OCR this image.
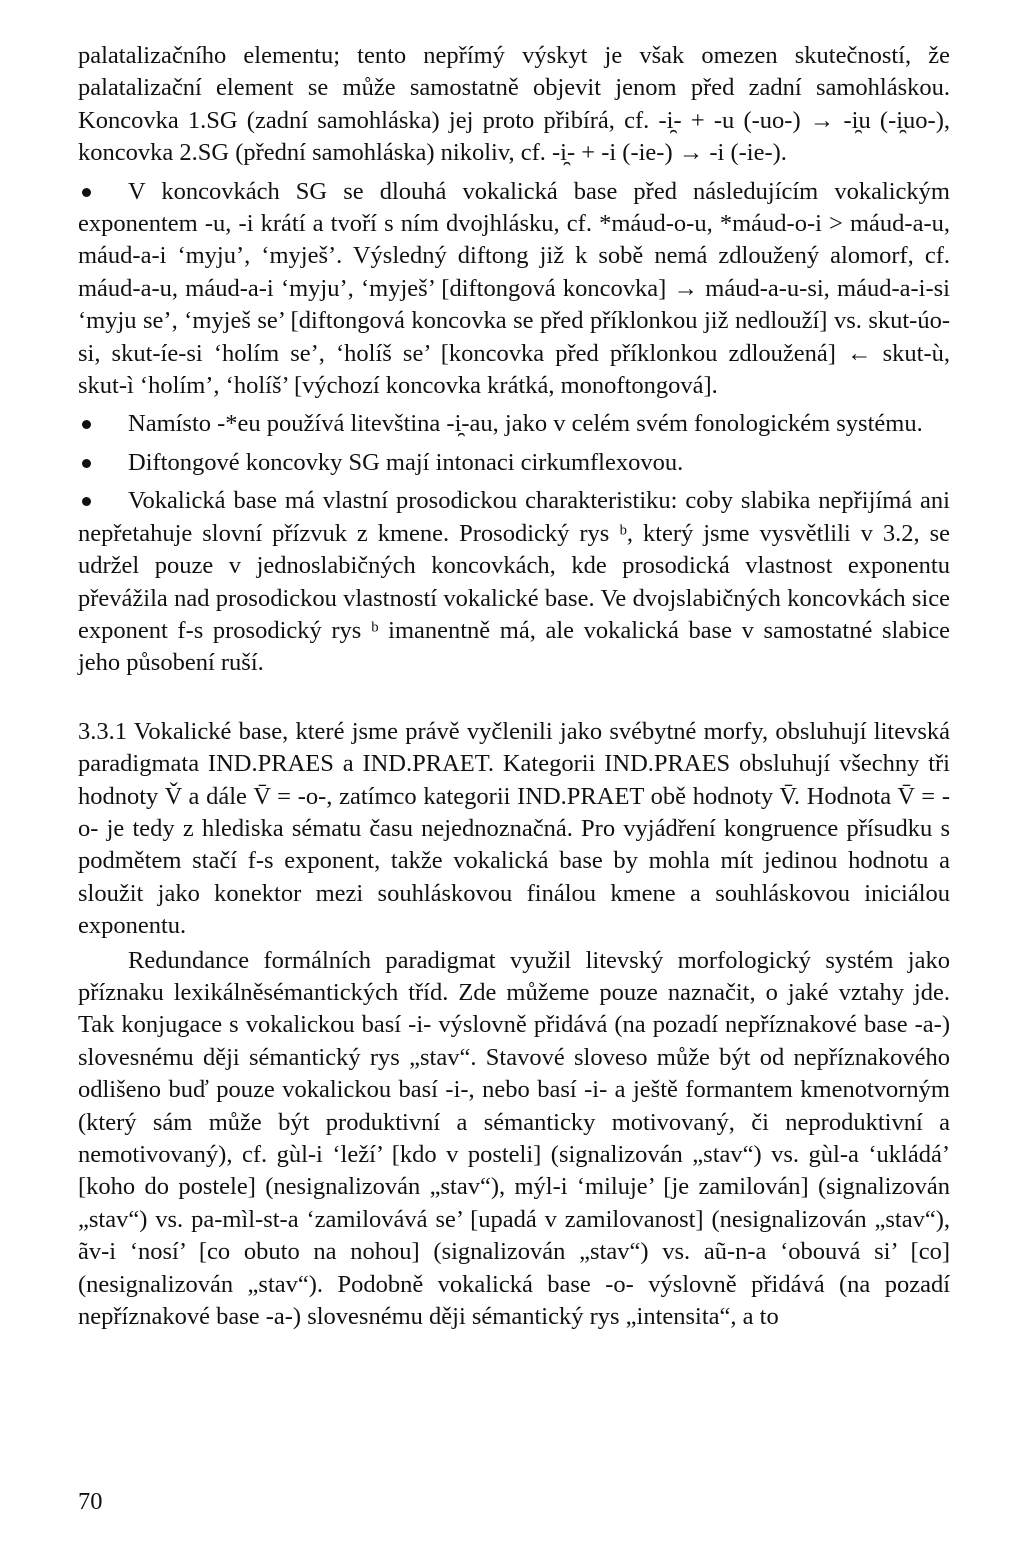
palatalizačního elementu; tento nepřímý výskyt je však omezen skutečností, že palatalizační element se může samostatně objevit jenom před zadní samohláskou. Koncovka 1.SG (zadní samohláska) jej proto přibírá, cf. -i̯- + -u (-uo-) → -i̯u (-i̯uo-), koncovka 2.SG (přední samohláska) nikoliv, cf. -i̯- + -i (-ie-) → -i (-ie-).

V koncovkách SG se dlouhá vokalická base před následujícím vokalickým exponentem -u, -i krátí a tvoří s ním dvojhlásku, cf. *máud-o-u, *máud-o-i > máud-a-u, máud-a-i ‘myju’, ‘myješ’. Výsledný diftong již k sobě nemá zdloužený alomorf, cf. máud-a-u, máud-a-i ‘myju’, ‘myješ’ [diftongová koncovka] → máud-a-u-si, máud-a-i-si ‘myju se’, ‘myješ se’ [diftongová koncovka se před příklonkou již nedlouží] vs. skut-úo-si, skut-íe-si ‘holím se’, ‘holíš se’ [koncovka před příklonkou zdloužená] ← skut-ù, skut-ì ‘holím’, ‘holíš’ [výchozí koncovka krátká, monoftongová].

Namísto -*eu používá litevština -i̯-au, jako v celém svém fonologickém systému.

Diftongové koncovky SG mají intonaci cirkumflexovou.

Vokalická base má vlastní prosodickou charakteristiku: coby slabika nepřijímá ani nepřetahuje slovní přízvuk z kmene. Prosodický rys ᵇ, který jsme vysvětlili v 3.2, se udržel pouze v jednoslabičných koncovkách, kde prosodická vlastnost exponentu převážila nad prosodickou vlastností vokalické base. Ve dvojslabičných koncovkách sice exponent f-s prosodický rys ᵇ imanentně má, ale vokalická base v samostatné slabice jeho působení ruší.

3.3.1 Vokalické base, které jsme právě vyčlenili jako svébytné morfy, obsluhují litevská paradigmata IND.PRAES a IND.PRAET. Kategorii IND.PRAES obsluhují všechny tři hodnoty V̌ a dále V̄ = -o-, zatímco kategorii IND.PRAET obě hodnoty V̄. Hodnota V̄ = -o- je tedy z hlediska sématu času nejednoznačná. Pro vyjádření kongruence přísudku s podmětem stačí f-s exponent, takže vokalická base by mohla mít jedinou hodnotu a sloužit jako konektor mezi souhláskovou finálou kmene a souhláskovou iniciálou exponentu.

Redundance formálních paradigmat využil litevský morfologický systém jako příznaku lexikálněsémantických tříd. Zde můžeme pouze naznačit, o jaké vztahy jde. Tak konjugace s vokalickou basí -i- výslovně přidává (na pozadí nepříznakové base -a-) slovesnému ději sémantický rys „stav“. Stavové sloveso může být od nepříznakového odlišeno buď pouze vokalickou basí -i-, nebo basí -i- a ještě formantem kmenotvorným (který sám může být produktivní a sémanticky motivovaný, či neproduktivní a nemotivovaný), cf. gùl-i ‘leží’ [kdo v posteli] (signalizován „stav“) vs. gùl-a ‘ukládá’ [koho do postele] (nesignalizován „stav“), mýl-i ‘miluje’ [je zamilován] (signalizován „stav“) vs. pa-mìl-st-a ‘zamilovává se’ [upadá v zamilovanost] (nesignalizován „stav“), ãv-i ‘nosí’ [co obuto na nohou] (signalizován „stav“) vs. aũ-n-a ‘obouvá si’ [co] (nesignalizován „stav“). Podobně vokalická base -o- výslovně přidává (na pozadí nepříznakové base -a-) slovesnému ději sémantický rys „intensita“, a to

70
